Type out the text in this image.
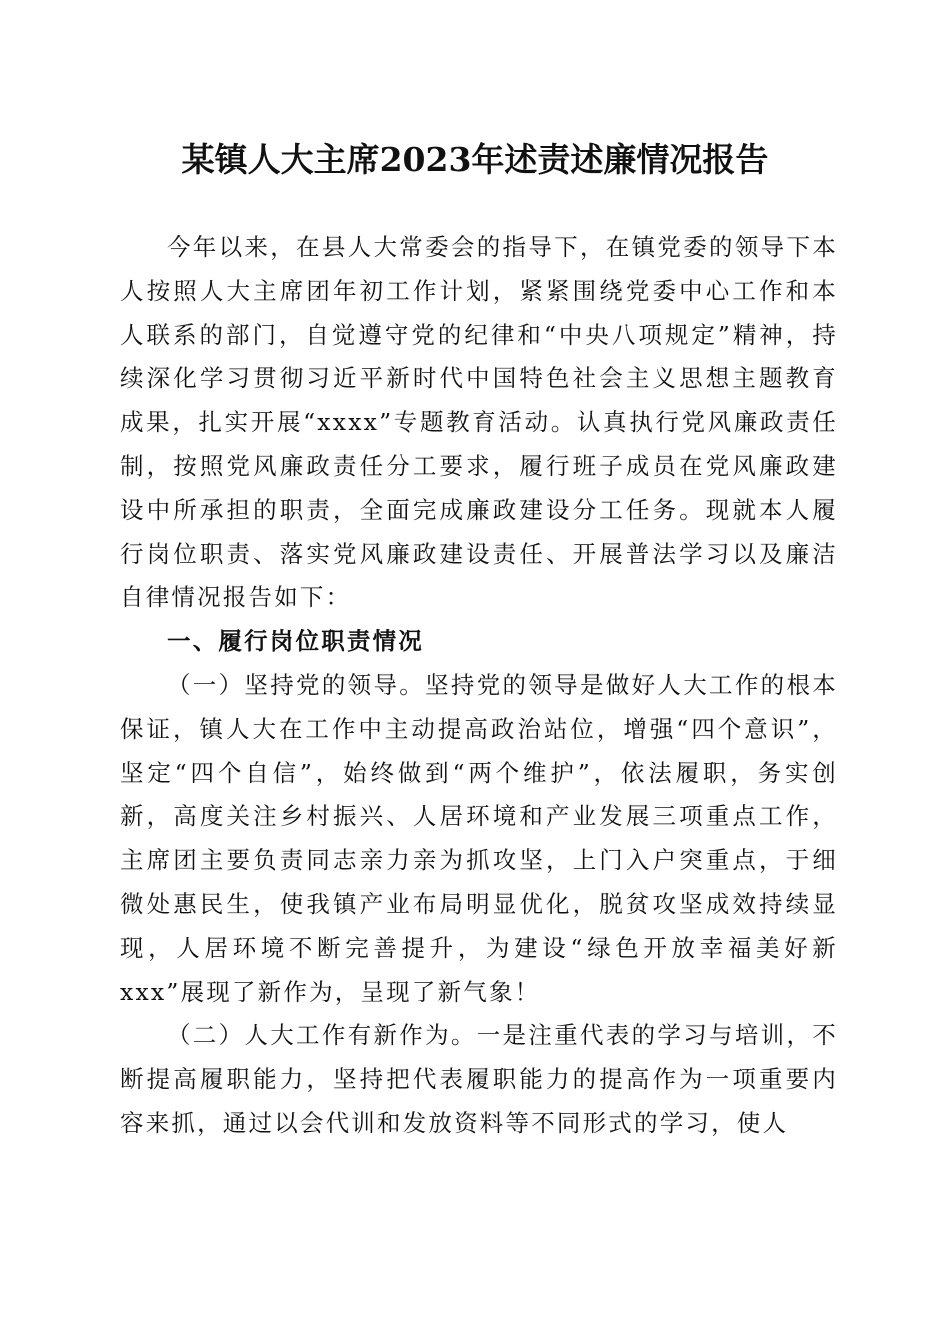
某镇人大主席2023年述责述廉情况报告

今年以来，在县人大常委会的指导下，在镇党委的领导下本人按照人大主席团年初工作计划，紧紧围绕党委中心工作和本人联系的部门，自觉遵守党的纪律和“中央八项规定”精神，持续深化学习贯彻习近平新时代中国特色社会主义思想主题教育成果，扎实开展“xxxx”专题教育活动。认真执行党风廉政责任制，按照党风廉政责任分工要求，履行班子成员在党风廉政建设中所承担的职责，全面完成廉政建设分工任务。现就本人履行岗位职责、落实党风廉政建设责任、开展普法学习以及廉洁自律情况报告如下：

一、履行岗位职责情况

（一）坚持党的领导。坚持党的领导是做好人大工作的根本保证，镇人大在工作中主动提高政治站位，增强“四个意识”，坚定“四个自信”，始终做到“两个维护”，依法履职，务实创新，高度关注乡村振兴、人居环境和产业发展三项重点工作，主席团主要负责同志亲力亲为抓攻坚，上门入户突重点，于细微处惠民生，使我镇产业布局明显优化，脱贫攻坚成效持续显现，人居环境不断完善提升，为建设“绿色开放幸福美好新xxx”展现了新作为，呈现了新气象！

（二）人大工作有新作为。一是注重代表的学习与培训，不断提高履职能力，坚持把代表履职能力的提高作为一项重要内容来抓，通过以会代训和发放资料等不同形式的学习，使人
